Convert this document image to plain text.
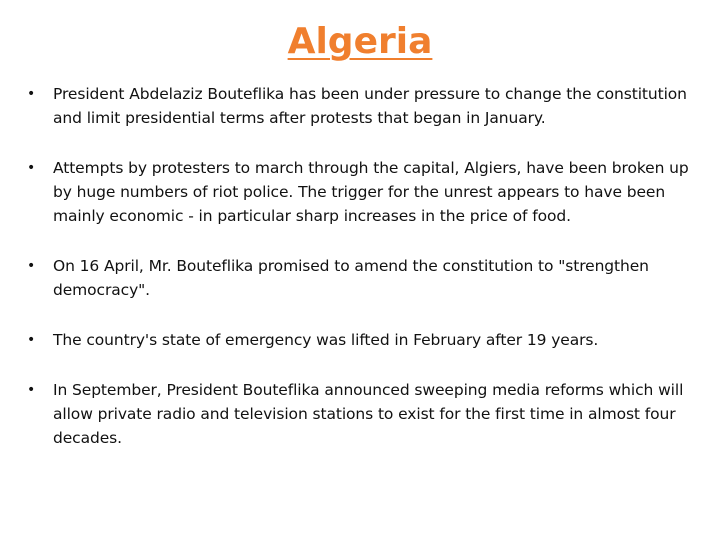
Algeria
•	President Abdelaziz Bouteflika has been under pressure to change the constitution and limit presidential terms after protests that began in January.
•	Attempts by protesters to march through the capital, Algiers, have been broken up by huge numbers of riot police. The trigger for the unrest appears to have been mainly economic - in particular sharp increases in the price of food.
•	On 16 April, Mr. Bouteflika promised to amend the constitution to "strengthen democracy".
•	The country's state of emergency was lifted in February after 19 years.
•	In September, President Bouteflika announced sweeping media reforms which will allow private radio and television stations to exist for the first time in almost four decades.
